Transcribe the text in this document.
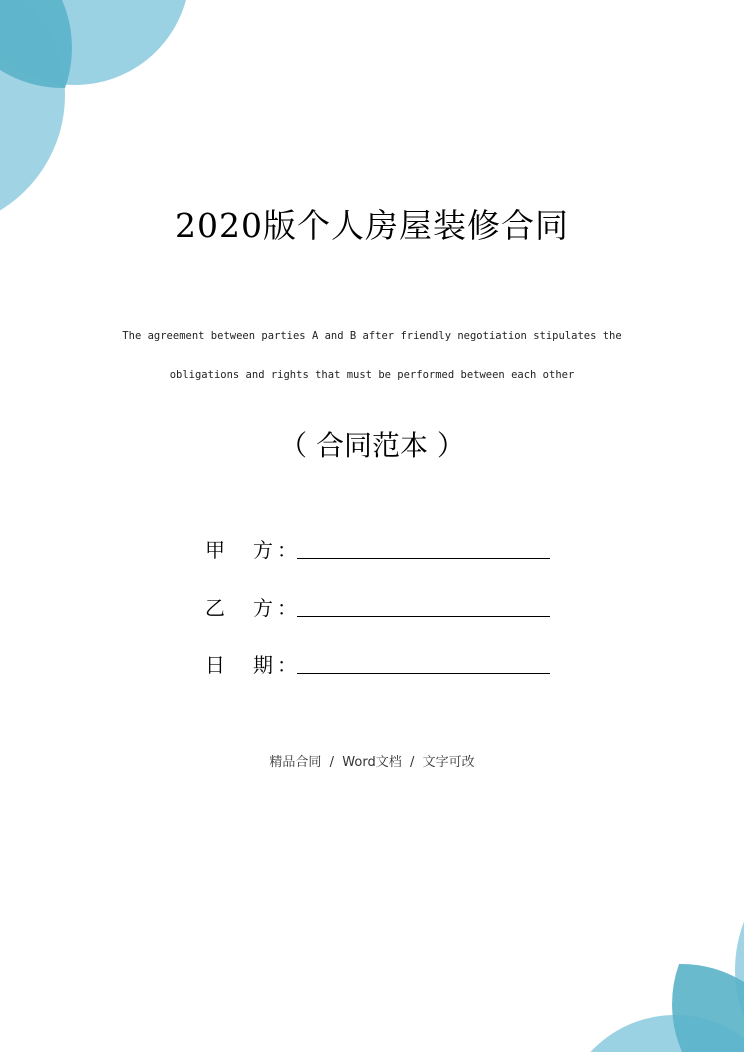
2020版个人房屋装修合同
The agreement between parties A and B after friendly negotiation stipulates the
obligations and rights that must be performed between each other
（ 合同范本 ）
甲 方 ：
乙 方 ：
日 期 ：
精品合同  /  Word文档  /  文字可改
